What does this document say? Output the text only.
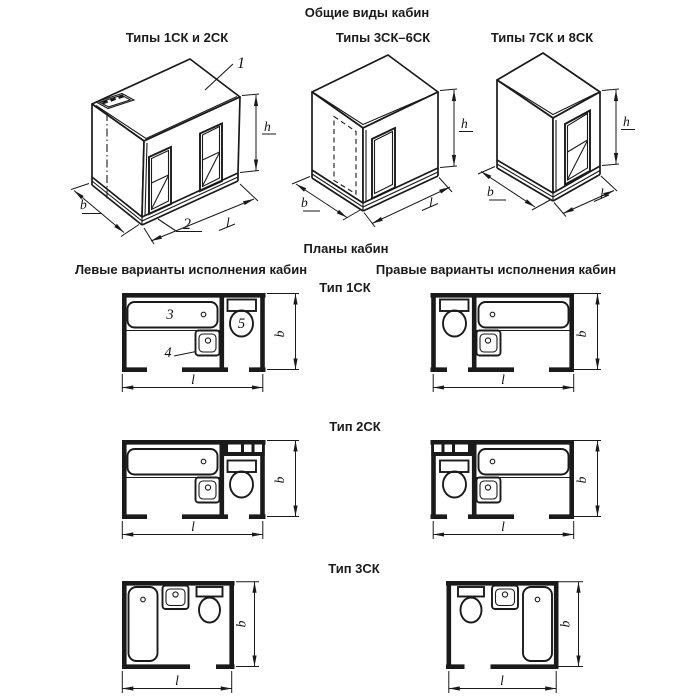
Общие виды кабин
Типы 1СК и 2СК	Типы 3СК–6СК	Типы 7СК и 8СК
Планы кабин
Левые варианты исполнения кабин	Правые варианты исполнения кабин
Тип 1СК
Тип 2СК
Тип 3СК
1
2
h
b
l
h
b	l
h
b	l
3
4
5
b
l
b
l
b
l
b
l
b
l
b
l
